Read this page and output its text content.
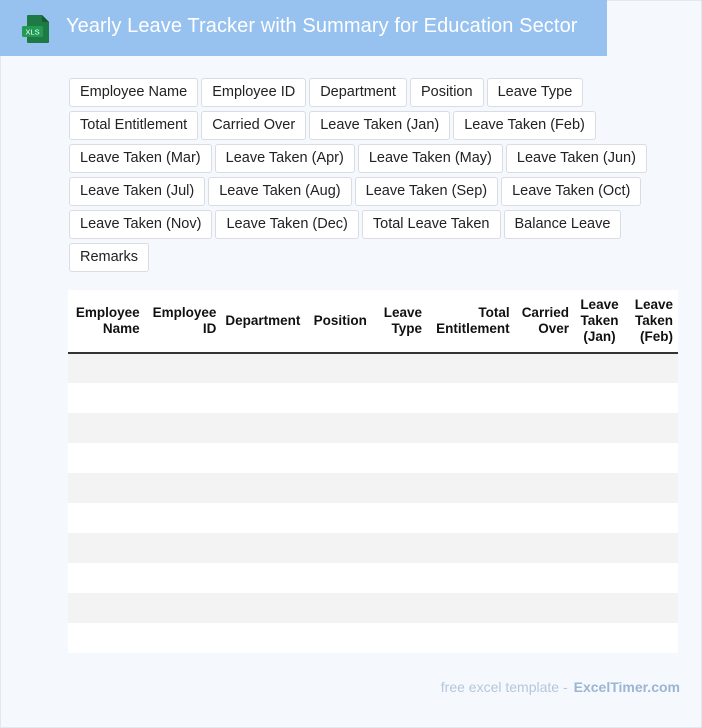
XLS Yearly Leave Tracker with Summary for Education Sector
Employee Name	Employee ID	Department	Position	Leave Type
Total Entitlement	Carried Over	Leave Taken (Jan)	Leave Taken (Feb)
Leave Taken (Mar)	Leave Taken (Apr)	Leave Taken (May)	Leave Taken (Jun)
Leave Taken (Jul)	Leave Taken (Aug)	Leave Taken (Sep)	Leave Taken (Oct)
Leave Taken (Nov)	Leave Taken (Dec)	Total Leave Taken	Balance Leave
Remarks
Employee Name	Employee ID	Department	Position	Leave Type	Total Entitlement	Carried Over	Leave Taken (Jan)	Leave Taken (Feb)

free excel template - ExcelTimer.com
